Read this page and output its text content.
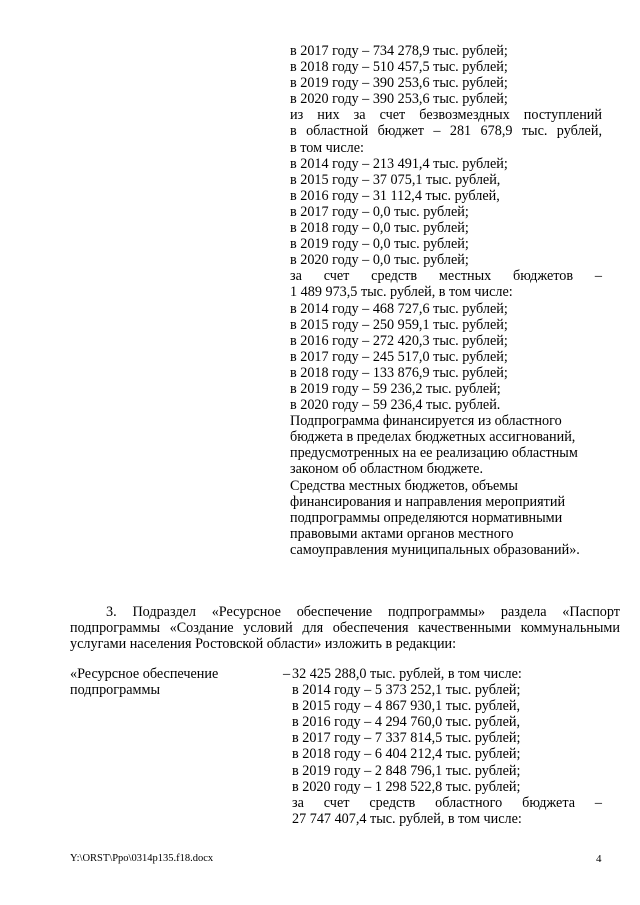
в 2017 году – 734 278,9 тыс. рублей;
в 2018 году – 510 457,5 тыс. рублей;
в 2019 году – 390 253,6 тыс. рублей;
в 2020 году – 390 253,6 тыс. рублей;
из них за счет безвозмездных поступлений
в областной бюджет – 281 678,9 тыс. рублей,
в том числе:
в 2014 году – 213 491,4 тыс. рублей;
в 2015 году – 37 075,1 тыс. рублей,
в 2016 году – 31 112,4 тыс. рублей,
в 2017 году – 0,0 тыс. рублей;
в 2018 году – 0,0 тыс. рублей;
в 2019 году – 0,0 тыс. рублей;
в 2020 году – 0,0 тыс. рублей;
за счет средств местных бюджетов –
1 489 973,5 тыс. рублей, в том числе:
в 2014 году – 468 727,6 тыс. рублей;
в 2015 году – 250 959,1 тыс. рублей;
в 2016 году – 272 420,3 тыс. рублей;
в 2017 году – 245 517,0 тыс. рублей;
в 2018 году – 133 876,9 тыс. рублей;
в 2019 году – 59 236,2 тыс. рублей;
в 2020 году – 59 236,4 тыс. рублей.

Подпрограмма финансируется из областного бюджета в пределах бюджетных ассигнований, предусмотренных на ее реализацию областным законом об областном бюджете.

Средства местных бюджетов, объемы финансирования и направления мероприятий подпрограммы определяются нормативными правовыми актами органов местного самоуправления муниципальных образований».

3. Подраздел «Ресурсное обеспечение подпрограммы» раздела «Паспорт подпрограммы «Создание условий для обеспечения качественными коммунальными услугами населения Ростовской области» изложить в редакции:
«Ресурсное обеспечение подпрограммы
– 32 425 288,0 тыс. рублей, в том числе:
в 2014 году – 5 373 252,1 тыс. рублей;
в 2015 году – 4 867 930,1 тыс. рублей,
в 2016 году – 4 294 760,0 тыс. рублей,
в 2017 году – 7 337 814,5 тыс. рублей;
в 2018 году – 6 404 212,4 тыс. рублей;
в 2019 году – 2 848 796,1 тыс. рублей;
в 2020 году – 1 298 522,8 тыс. рублей;
за счет средств областного бюджета –
27 747 407,4 тыс. рублей, в том числе:
Y:\ORST\Ppo\0314p135.f18.docx	4
